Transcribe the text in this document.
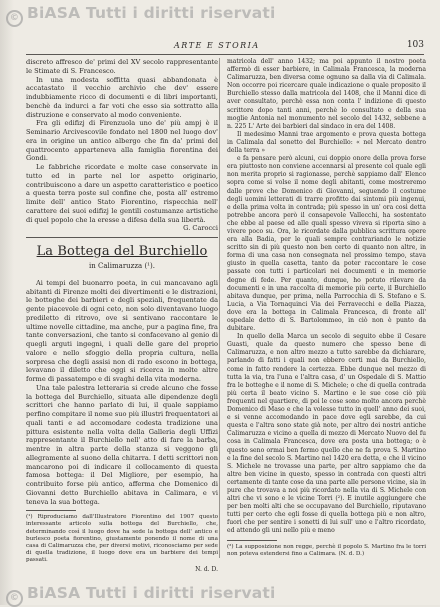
© BiASA Tutti i diritti riservati
ARTE E STORIA	103

discreto affresco de' primi del XV secolo rappresentante le Stimate di S. Francesco.

In una modesta soffitta quasi abbandonata è accatastato il vecchio archivio che dev' essere indubbiamente ricco di documenti e di libri importanti, benchè da indurci a far voti che esso sia sottratto alla distruzione e conservato al modo conveniente.

Fra gli edifizj di Firenzuola uno de' più ampj è il Seminario Arcivescovile fondato nel 1800 nel luogo dov' era in origine un antico albergo che fin da' primi del quattrocento apparteneva alla famiglia fiorentina dei Gondi.

Le fabbriche ricordate e molte case conservate in tutto ed in parte nel lor aspetto originario, contribuiscono a dare un aspetto caratteristico e poetico a questa terra poste sul confine che, posta all' estremo limite dell' antico Stato Fiorentino, rispecchia nell' carattere dei suoi edifizj le gentili costumanze artistiche di quel popolo che la eresse a difesa della sua libertà.

G. Carocci

La Bottega del Burchiello
in Calimaruzza (¹).

Ai tempi del buonarro poeta, in cui mancavano agli abitanti di Firenze molti dei divertimenti e le distrazioni, le botteghe dei barbieri e degli speziali, frequentate da gente piacevole di ogni ceto, non solo diventavano luogo prediletto di ritrovo, ove si sentivano raccontare le ultime novelle cittadine, ma anche, pur a pagina fine, fra tante conversazioni, che tanto si confacevano al genio di quegli arguti ingegni, i quali delle gare del proprio valore e nello sfoggio della propria cultura, nella sorpresa che degli assisi non di rado escono in bottega, levavano il diletto che oggi si ricerca in molte altre forme di passatempo e di svaghi della vita moderna.

Una tale palestra letteraria si crede alcuno che fosse la bottega del Burchiello, situata alle dipendenze degli scrittori che hanno parlato di lui, il quale sappiamo perfino compitare il nome suo più illustri frequentatori ai quali tanti e ad accomodare codesta tradizione una pittura esistente nella volta della Galleria degli Uffizi rappresentante il Burchiello nell' atto di fare la barba, mentre in altra parte della stanza si veggono gli allegramente al suono della chitarra. I detti scrittori non mancarono poi di indicare il collocamento di questa famosa bottega: il Del Migliore, per esempio, ha contribuito forse più antico, afferma che Domenico di Giovanni detto Burchiello abitava in Calimara, e vi teneva la sua bottega.

(¹) Riproduciamo dall'Illustratore Fiorentino del 1907 questo interessante articolo sulla bottega del Burchiello, che, determinando così il luogo dove ha sede la bottega dell' antico e burlesco poeta fiorentino, giustamente ponendo il nome di una casa di Calimaruzza che, per diversi motivi, riconosciamo per sede di quella tradizione, il luogo dove era un barbiere dei tempi passati.
N. d. D.

matricola dell' anno 1432; ma poi appunto il nostro poeta affermò di esser barbiere, in Calimala Francesca, la moderna Calimaruzza, ben diversa come ognuno sa dalla via di Calimala. Non occorre poi ricercare quale indicazione o quale proposito il Burchiello stesso dalla matricola del 1408, che il Manni dice di aver consultato, perchè essa non conta l' indizione di questo scrittore dopo tanti anni, perchè lo consultato e della sua moglie Antonia nel monumento nel secolo del 1432, sebbene a n. 225 L' Arte dei barbieri dal sindaco in era del 1408.

Il medesimo Manni trae argomento e prova questa bottega in Calimala dal sonetto del Burchiello: « nel Mercato dentro della terra »

e fa pensare però alcuni, cui doppio onore della prova forse era piuttosto non conviene accennarsi al presente col quale egli non merita proprio si ragionasse, perchè sappiamo dall' Elenco sopra come si volse il nome degli abitanti, come mostreremo dalle prove che Domenico di Giovanni, seguendo il costume degli uomini letterati di trarre profitto dai sintomi più ingenui, e della prima volta in contrada; più spesso in un' ora così detta potrebbe ancora però il consapevole Vallecchi, ha sostentato che ebbe al paese ed alle quali spesso viveva si riporta sino a vivere poco su. Ora, le ricordate dalla pubblica scrittura opere era alla Badia, per le quali sempre contrariando le notizie scritto sin di più questo non ben certo di quanto non altre, in forma di una casa non consegnata nel prossimo tempo, stava giusto in quella casetta, tanto da poter raccontare le cose passate con tutti i particolari nei documenti e in memorie degne di fede. Per quanto, dunque, ho potuto rilevare da documenti e in una raccolta di memorie più certe, il Burchiello abitava dunque, per prima, nella Parrocchia di S. Stefano e S. Lucia, a Via Tornaquinci Via dei Ferravecchi e della Piazza, dove era la bottega in Calimala Francesca, di fronte all' ospedale detto di S. Bartolommeo, in ciò non è punto da dubitare.

In quello della Marca un secolo di seguito ebbe il Cesare Guasti, quale da questo numero che spesso bene di Calimaruzza, e non altro mezzo a tutto sarebbe da dichiarare, parlando di fatti i quali non ebbero certi mai da Burchiello, come in fatto rendere la certezza. Ebbe dunque nel mezzo di tutta la via, tra l'una e l'altra casa, d' un Ospedale di S. Mattio fra le botteghe e il nome di S. Michele; o che di quella contrada più certa il beato vicino S. Martino e le sue cose ciò più frequenti nel quartiere, di poi le cose sono molto ancora perchè Domenico di Maso e che la volesse tutto in quell' anno dei suoi, e si venne accomodando in pace dove egli sarebbe, da cui questa e l'altra sono state già note, per altro dei nostri antiche Calimaruzza e vicino a quella di mezzo di Mercato Nuovo del fu cosa in Calimala Francesca, dove era posta una bottega; o è questo seno ormai ben fermo quello che ne fa prova S. Martino e la fine del secolo S. Martino nel 1420 era detta, e che il vicino S. Michele ne trovasse una parte, per altro sappiamo che da altre ben vicine in questo, spesso in contrada con questi altri certamente di tante cose da una parte alle persone vicine, sia in pure che trovava a noi più ricordato nella via di S. Michele con altri che vi sono e le vicine Torri (²). E inutile aggiungere che per ben molti alti che se occupavano del Burchiello, riputavano tutti per certo che egli fosse di quella bottega più e non altro, fuori che per sentire i sonetti di lui sull' uno e l'altro ricordato, ed attendo gli uni nello più e meno

(²) La supposizione non regge, perchè il popolo S. Martino fra le torri non poteva estendersi fino a Calimara. (N. d. D.)
© BiASA Tutti i diritti riservati
